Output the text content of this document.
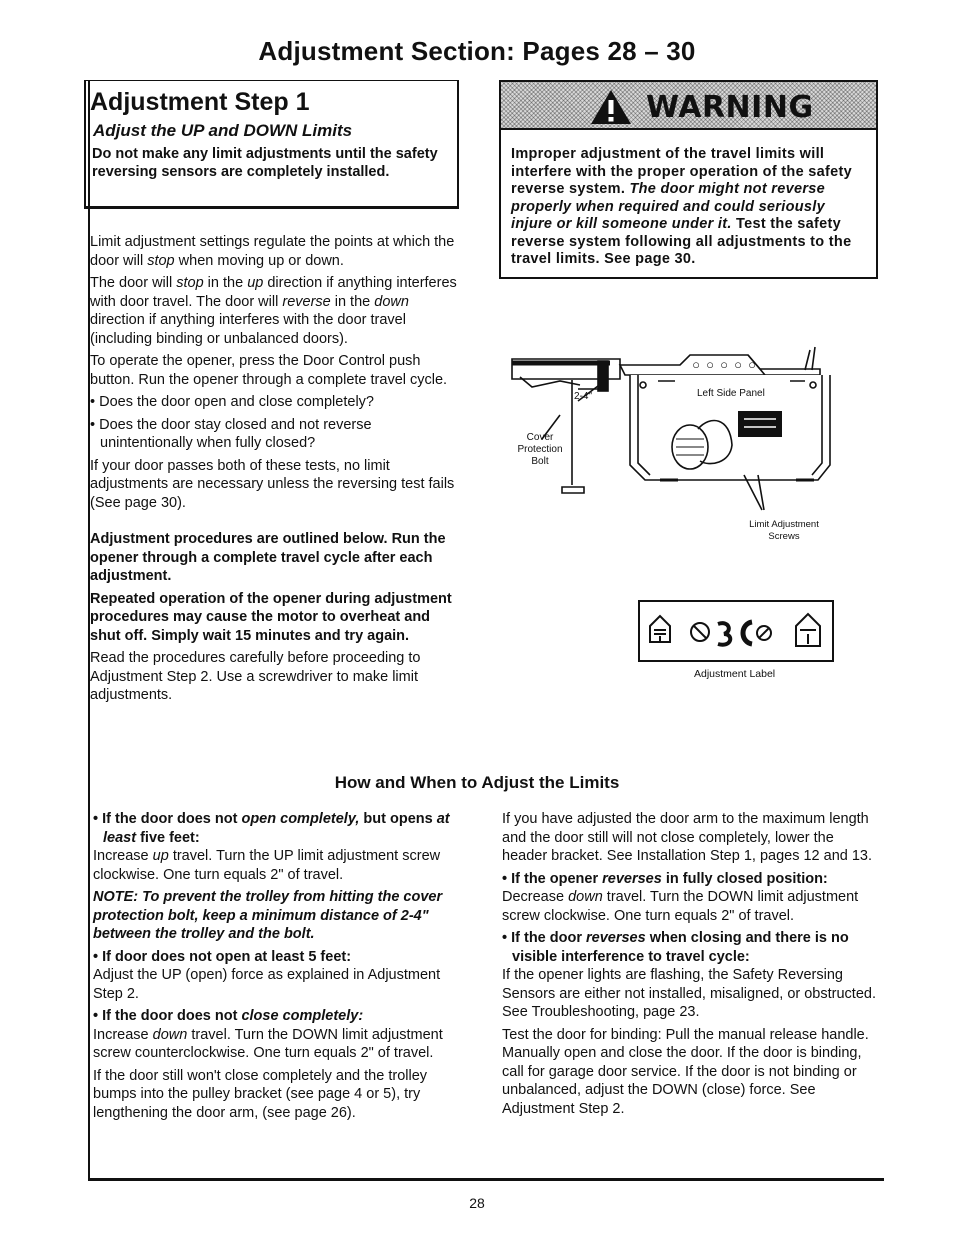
Adjustment Section: Pages 28 – 30
Adjustment Step 1
Adjust the UP and DOWN Limits
Do not make any limit adjustments until the safety reversing sensors are completely installed.
WARNING
Improper adjustment of the travel limits will interfere with the proper operation of the safety reverse system. The door might not reverse properly when required and could seriously injure or kill someone under it. Test the safety reverse system following all adjustments to the travel limits. See page 30.

Limit adjustment settings regulate the points at which the door will stop when moving up or down.

The door will stop in the up direction if anything interferes with door travel. The door will reverse in the down direction if anything interferes with the door travel (including binding or unbalanced doors).

To operate the opener, press the Door Control push button. Run the opener through a complete travel cycle.

• Does the door open and close completely?

• Does the door stay closed and not reverse unintentionally when fully closed?

If your door passes both of these tests, no limit adjustments are necessary unless the reversing test fails (See page 30).

Adjustment procedures are outlined below. Run the opener through a complete travel cycle after each adjustment.

Repeated operation of the opener during adjustment procedures may cause the motor to overheat and shut off. Simply wait 15 minutes and try again.

Read the procedures carefully before proceeding to Adjustment Step 2. Use a screwdriver to make limit adjustments.

○ ○ ○ ○ ○
Left Side Panel
2-4"
Cover Protection Bolt
Limit Adjustment Screws
Adjustment Label
How and When to Adjust the Limits

• If the door does not open completely, but opens at least five feet:

Increase up travel. Turn the UP limit adjustment screw clockwise. One turn equals 2" of travel.

NOTE: To prevent the trolley from hitting the cover protection bolt, keep a minimum distance of 2-4" between the trolley and the bolt.

• If door does not open at least 5 feet:

Adjust the UP (open) force as explained in Adjustment Step 2.

• If the door does not close completely:

Increase down travel. Turn the DOWN limit adjustment screw counterclockwise. One turn equals 2" of travel.

If the door still won't close completely and the trolley bumps into the pulley bracket (see page 4 or 5), try lengthening the door arm, (see page 26).

If you have adjusted the door arm to the maximum length and the door still will not close completely, lower the header bracket. See Installation Step 1, pages 12 and 13.

• If the opener reverses in fully closed position:

Decrease down travel. Turn the DOWN limit adjustment screw clockwise. One turn equals 2" of travel.

• If the door reverses when closing and there is no visible interference to travel cycle:

If the opener lights are flashing, the Safety Reversing Sensors are either not installed, misaligned, or obstructed. See Troubleshooting, page 23.

Test the door for binding: Pull the manual release handle. Manually open and close the door. If the door is binding, call for garage door service. If the door is not binding or unbalanced, adjust the DOWN (close) force. See Adjustment Step 2.

28
